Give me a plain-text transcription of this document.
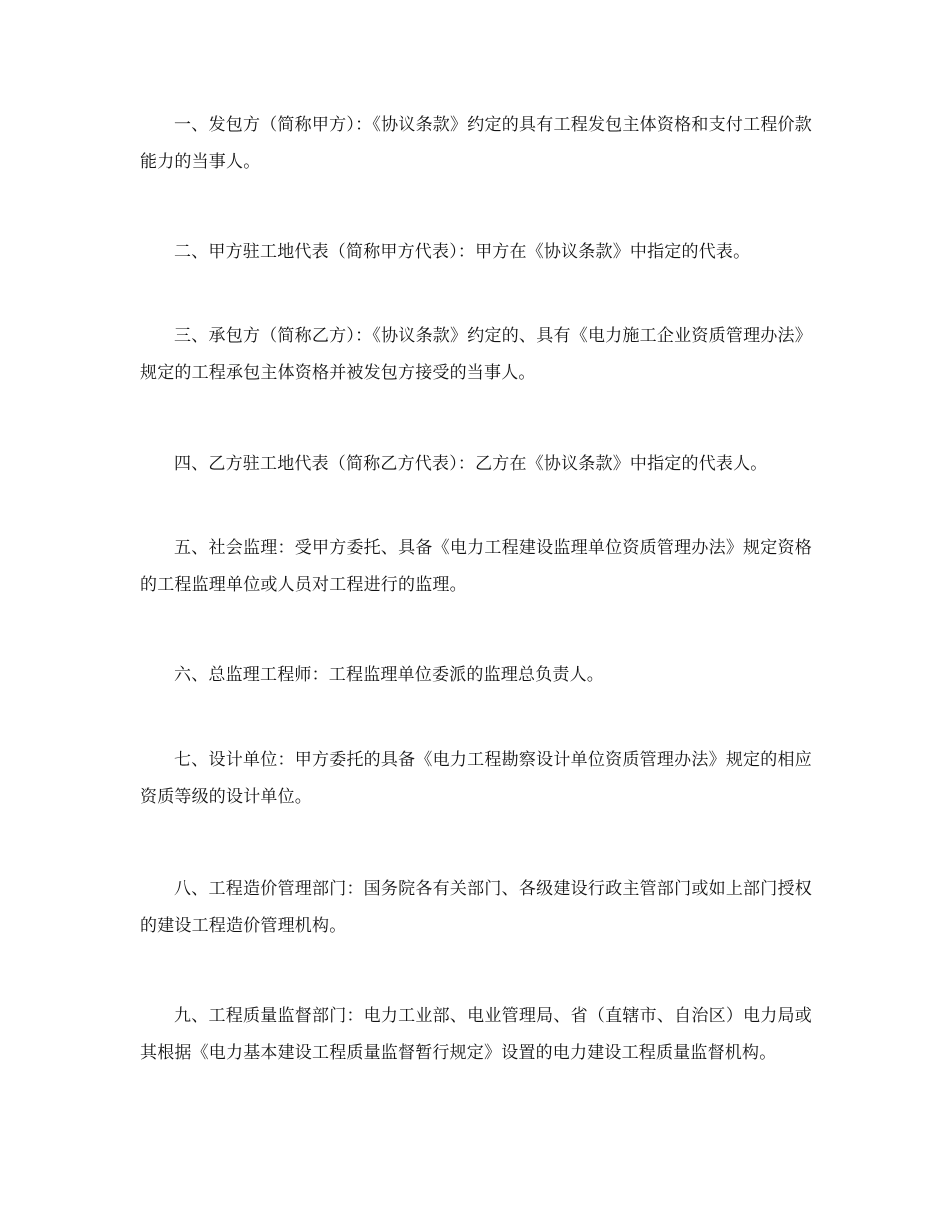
一、发包方（简称甲方）：《协议条款》约定的具有工程发包主体资格和支付工程价款能力的当事人。

二、甲方驻工地代表（简称甲方代表）：甲方在《协议条款》中指定的代表。

三、承包方（简称乙方）：《协议条款》约定的、具有《电力施工企业资质管理办法》规定的工程承包主体资格并被发包方接受的当事人。

四、乙方驻工地代表（简称乙方代表）：乙方在《协议条款》中指定的代表人。

五、社会监理：受甲方委托、具备《电力工程建设监理单位资质管理办法》规定资格的工程监理单位或人员对工程进行的监理。

六、总监理工程师：工程监理单位委派的监理总负责人。

七、设计单位：甲方委托的具备《电力工程勘察设计单位资质管理办法》规定的相应资质等级的设计单位。

八、工程造价管理部门：国务院各有关部门、各级建设行政主管部门或如上部门授权的建设工程造价管理机构。

九、工程质量监督部门：电力工业部、电业管理局、省（直辖市、自治区）电力局或其根据《电力基本建设工程质量监督暂行规定》设置的电力建设工程质量监督机构。
